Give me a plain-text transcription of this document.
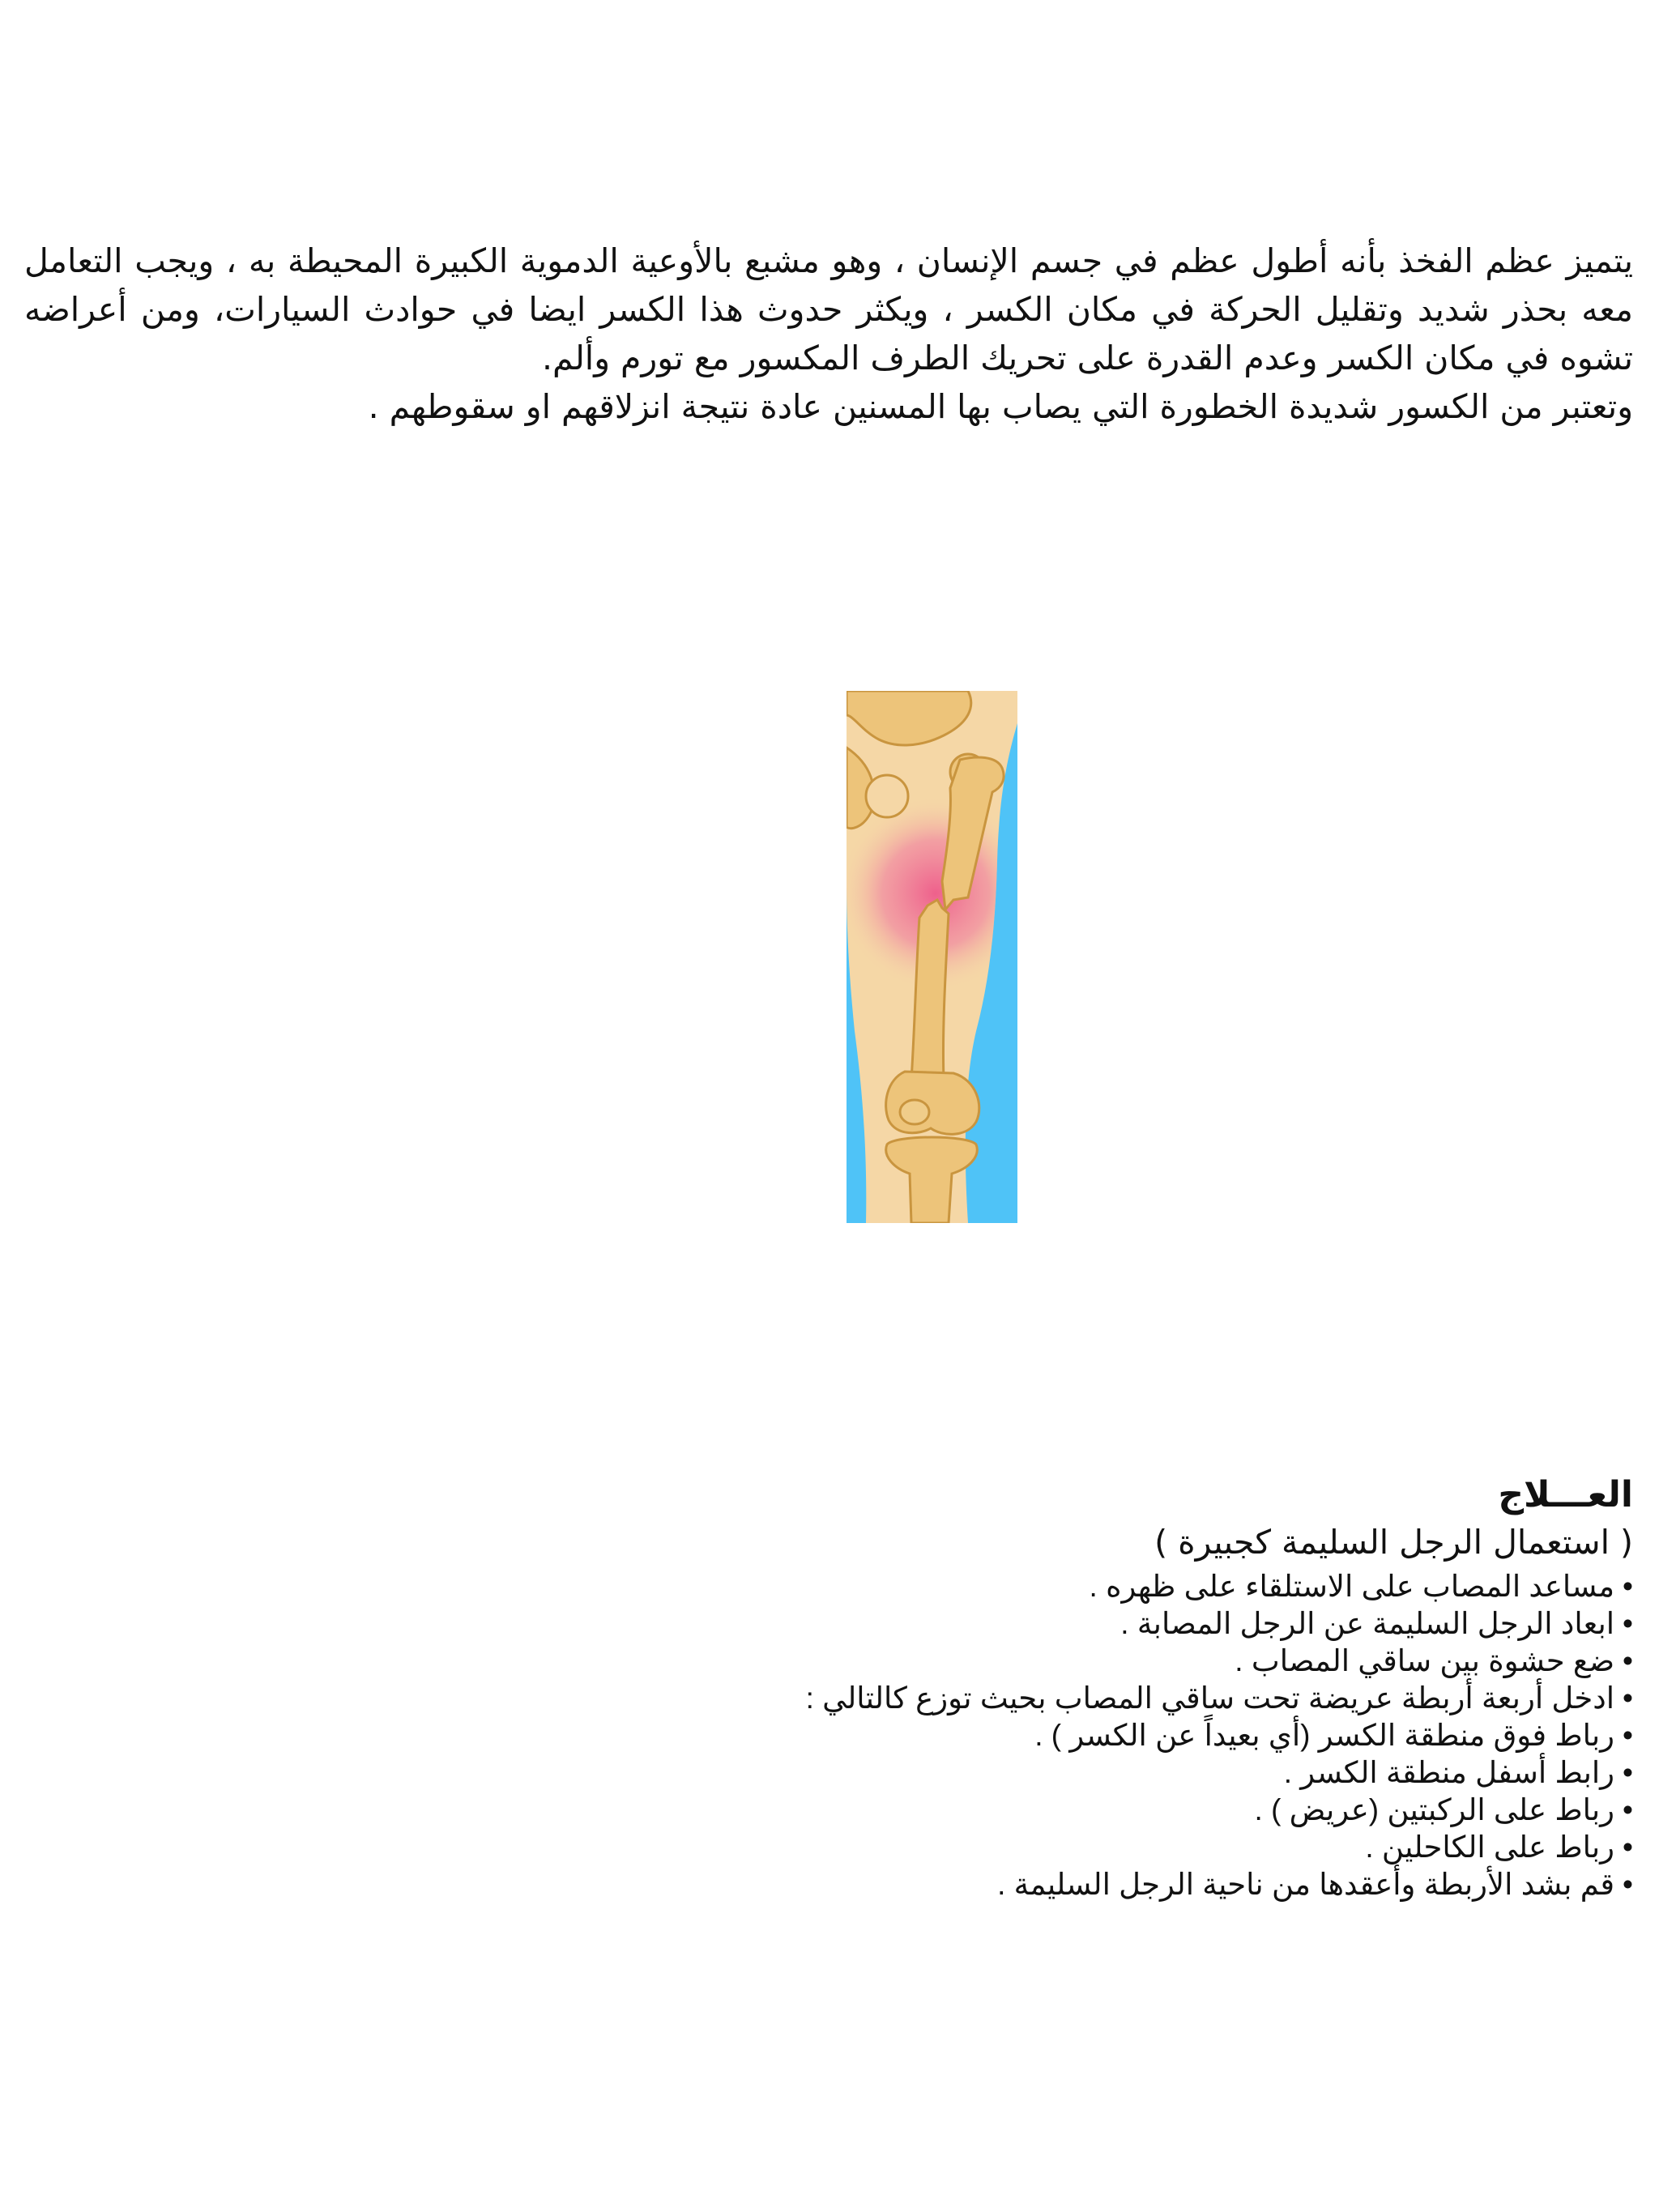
يتميز عظم الفخذ بأنه أطول عظم في جسم الإنسان ، وهو مشبع بالأوعية الدموية الكبيرة المحيطة به ، ويجب التعامل معه بحذر شديد وتقليل الحركة في مكان الكسر ، ويكثر حدوث هذا الكسر ايضا في حوادث السيارات، ومن أعراضه تشوه في مكان الكسر وعدم القدرة على تحريك الطرف المكسور مع تورم وألم.

وتعتبر من الكسور شديدة الخطورة التي يصاب بها المسنين عادة نتيجة انزلاقهم او سقوطهم .

العـــلاج

( استعمال الرجل السليمة كجبيرة )

•مساعد المصاب على الاستلقاء على ظهره .
•ابعاد الرجل السليمة عن الرجل المصابة .
•ضع حشوة بين ساقي المصاب .
•ادخل أربعة أربطة عريضة تحت ساقي المصاب بحيث توزع كالتالي :
•رباط فوق منطقة الكسر (أي بعيداً عن الكسر ) .
•رابط أسفل منطقة الكسر .
•رباط على الركبتين (عريض ) .
•رباط على الكاحلين .
•قم بشد الأربطة وأعقدها من ناحية الرجل السليمة .
